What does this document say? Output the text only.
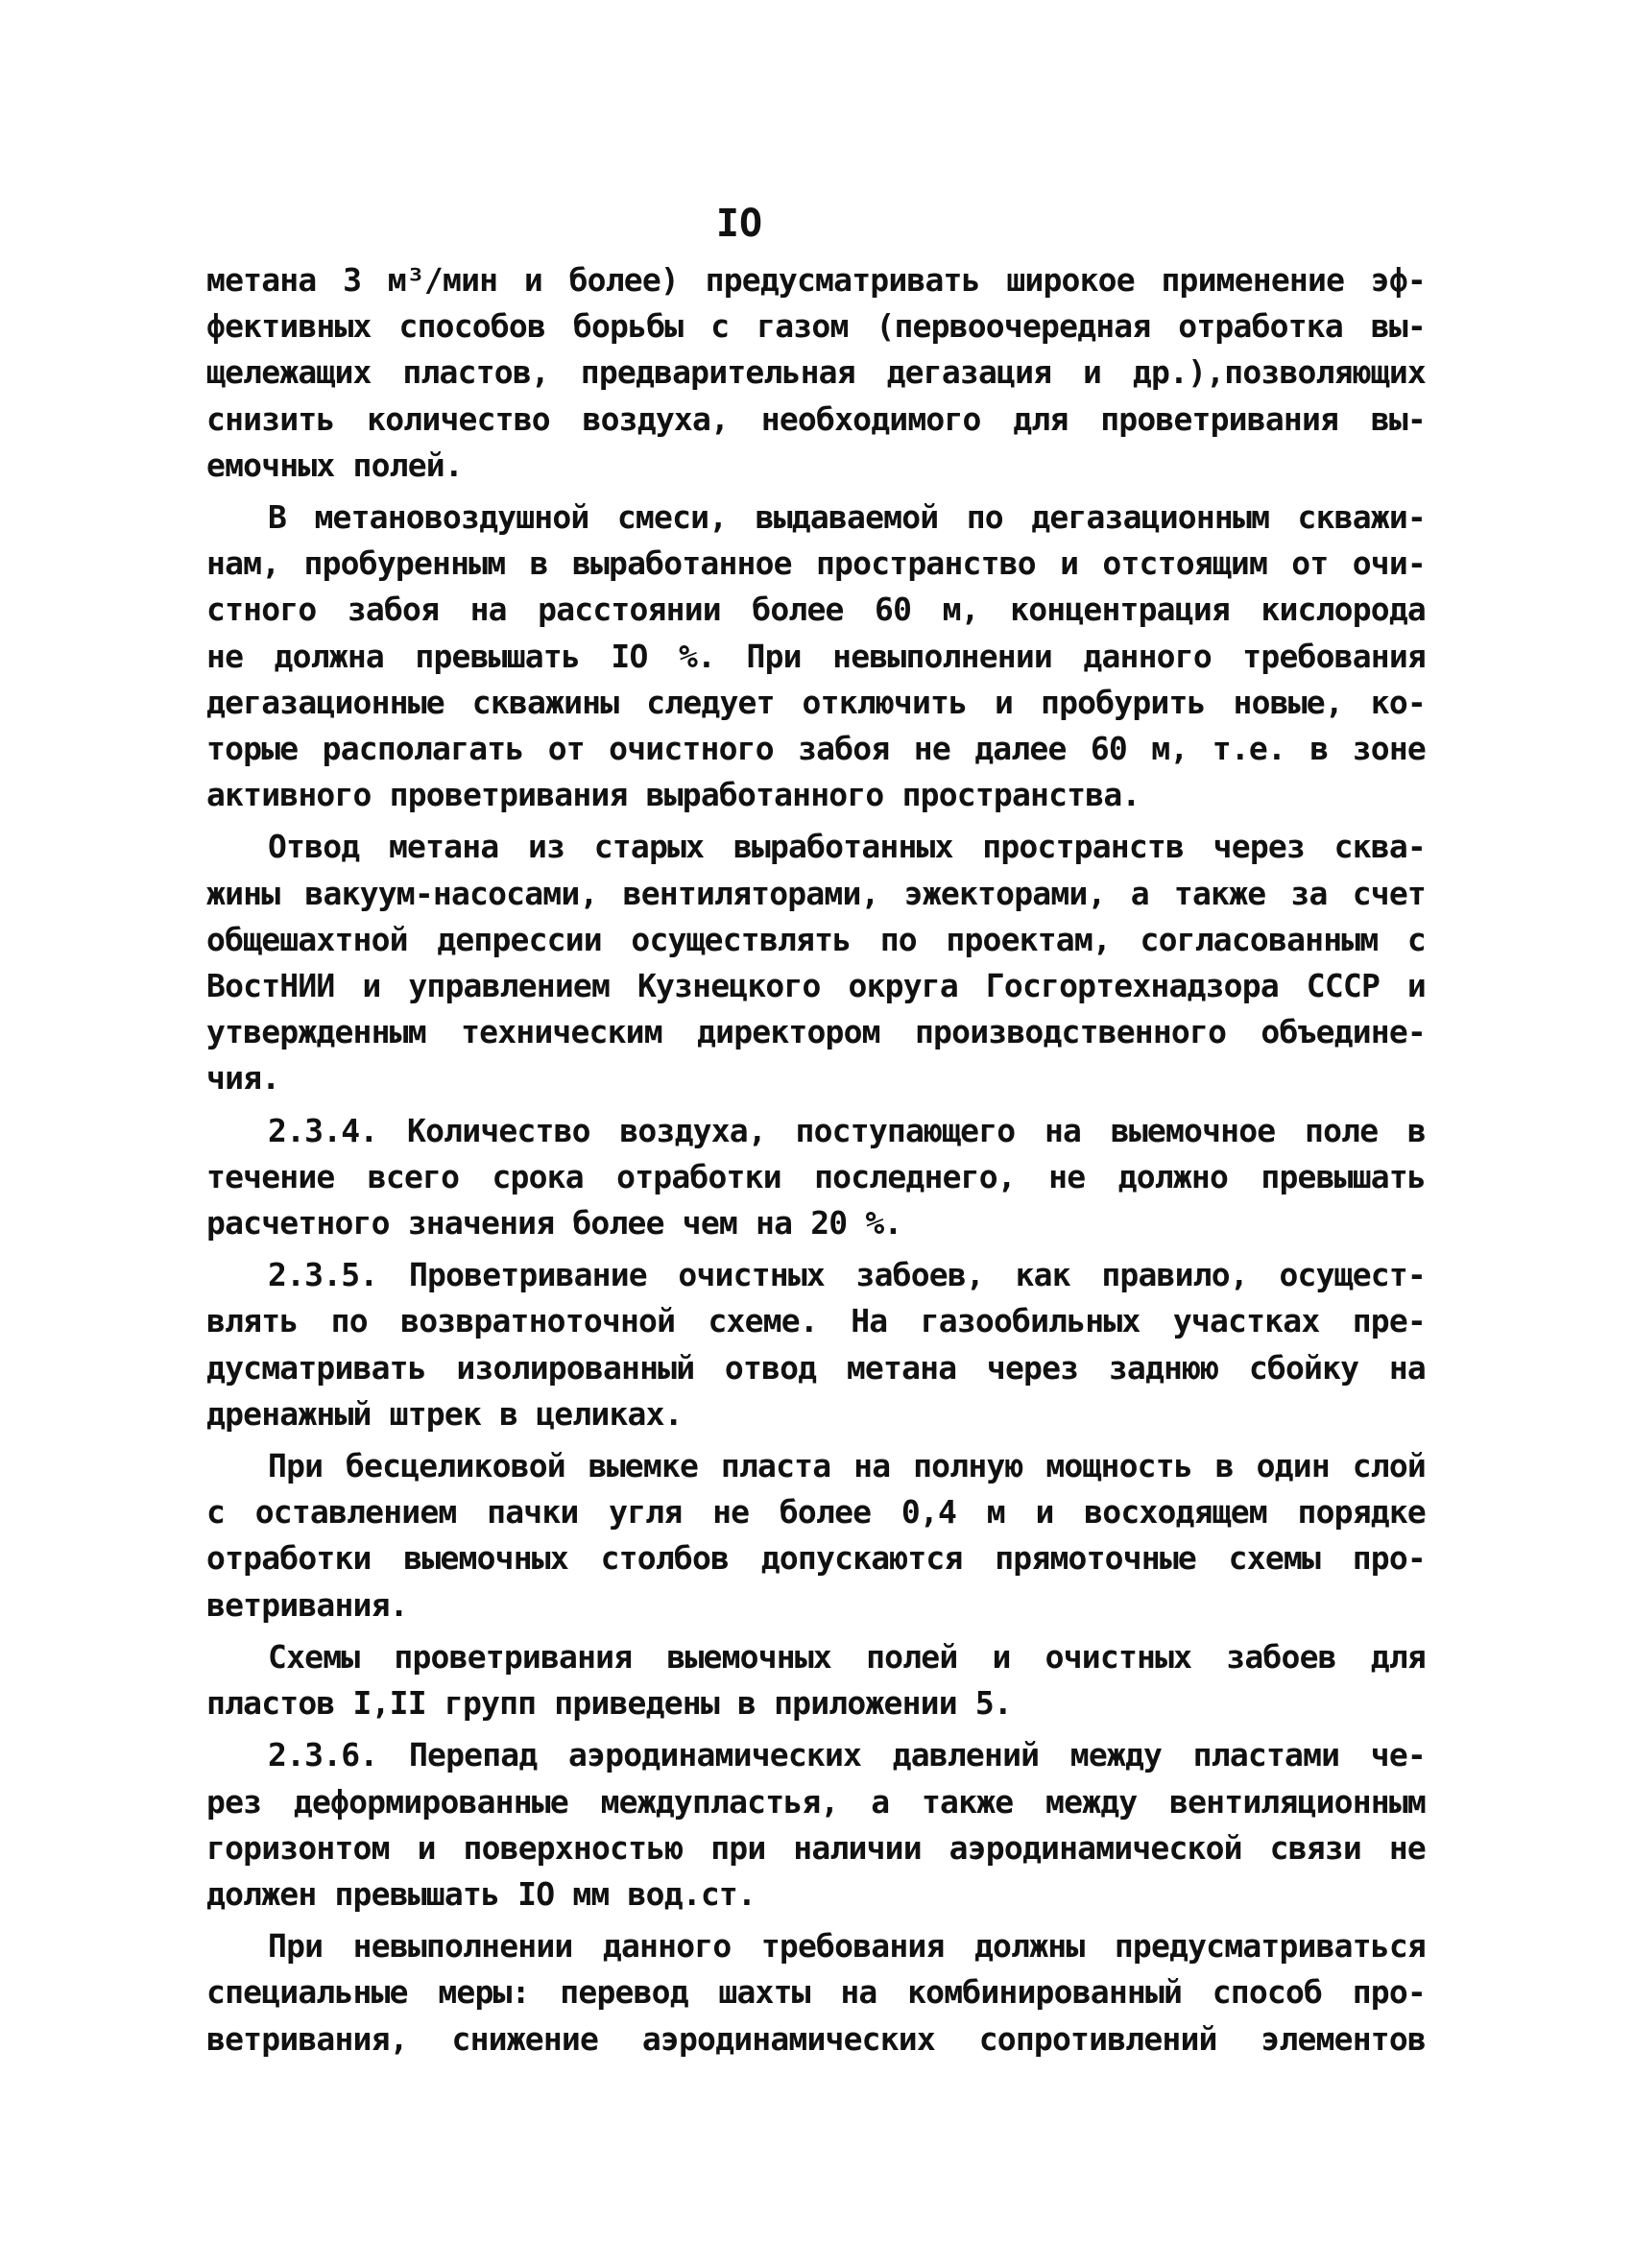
IO
метана 3 м³/мин и более) предусматривать широкое применение эф-
фективных способов борьбы с газом (первоочередная отработка вы-
щележащих пластов, предварительная дегазация и др.),позволяющих
снизить количество воздуха, необходимого для проветривания вы-
емочных полей.
В метановоздушной смеси, выдаваемой по дегазационным скважи-
нам, пробуренным в выработанное пространство и отстоящим от очи-
стного забоя на расстоянии более 60 м, концентрация кислорода
не должна превышать IO %. При невыполнении данного требования
дегазационные скважины следует отключить и пробурить новые, ко-
торые располагать от очистного забоя не далее 60 м, т.е. в зоне
активного проветривания выработанного пространства.
Отвод метана из старых выработанных пространств через сква-
жины вакуум-насосами, вентиляторами, эжекторами, а также за счет
общешахтной депрессии осуществлять по проектам, согласованным с
ВостНИИ и управлением Кузнецкого округа Госгортехнадзора СССР и
утвержденным техническим директором производственного объедине-
чия.
2.3.4. Количество воздуха, поступающего на выемочное поле в
течение всего срока отработки последнего, не должно превышать
расчетного значения более чем на 20 %.
2.3.5. Проветривание очистных забоев, как правило, осущест-
влять по возвратноточной схеме. На газообильных участках пре-
дусматривать изолированный отвод метана через заднюю сбойку на
дренажный штрек в целиках.
При бесцеликовой выемке пласта на полную мощность в один слой
с оставлением пачки угля не более 0,4 м и восходящем порядке
отработки выемочных столбов допускаются прямоточные схемы про-
ветривания.
Схемы проветривания выемочных полей и очистных забоев для
пластов I,II групп приведены в приложении 5.
2.3.6. Перепад аэродинамических давлений между пластами че-
рез деформированные междупластья, а также между вентиляционным
горизонтом и поверхностью при наличии аэродинамической связи не
должен превышать IO мм вод.ст.
При невыполнении данного требования должны предусматриваться
специальные меры: перевод шахты на комбинированный способ про-
ветривания, снижение аэродинамических сопротивлений элементов
